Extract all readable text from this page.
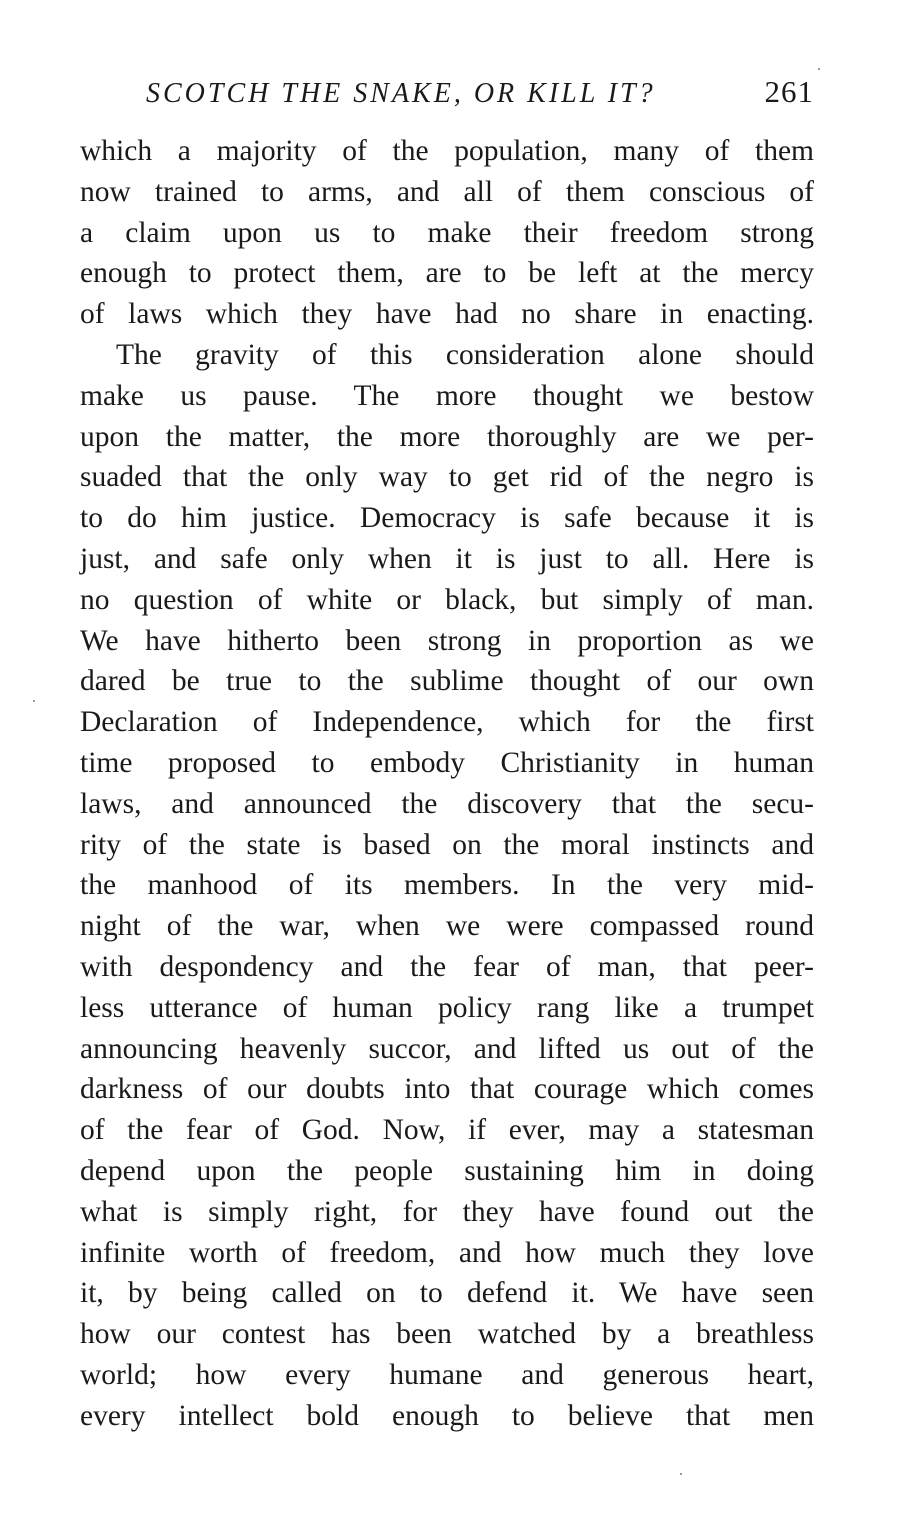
SCOTCH THE SNAKE, OR KILL IT?	261
which a majority of the population, many of them
now trained to arms, and all of them conscious of
a claim upon us to make their freedom strong
enough to protect them, are to be left at the mercy
of laws which they have had no share in enacting.
The gravity of this consideration alone should
make us pause. The more thought we bestow
upon the matter, the more thoroughly are we per-
suaded that the only way to get rid of the negro is
to do him justice. Democracy is safe because it is
just, and safe only when it is just to all. Here is
no question of white or black, but simply of man.
We have hitherto been strong in proportion as we
dared be true to the sublime thought of our own
Declaration of Independence, which for the first
time proposed to embody Christianity in human
laws, and announced the discovery that the secu-
rity of the state is based on the moral instincts and
the manhood of its members. In the very mid-
night of the war, when we were compassed round
with despondency and the fear of man, that peer-
less utterance of human policy rang like a trumpet
announcing heavenly succor, and lifted us out of the
darkness of our doubts into that courage which comes
of the fear of God. Now, if ever, may a statesman
depend upon the people sustaining him in doing
what is simply right, for they have found out the
infinite worth of freedom, and how much they love
it, by being called on to defend it. We have seen
how our contest has been watched by a breathless
world; how every humane and generous heart,
every intellect bold enough to believe that men
